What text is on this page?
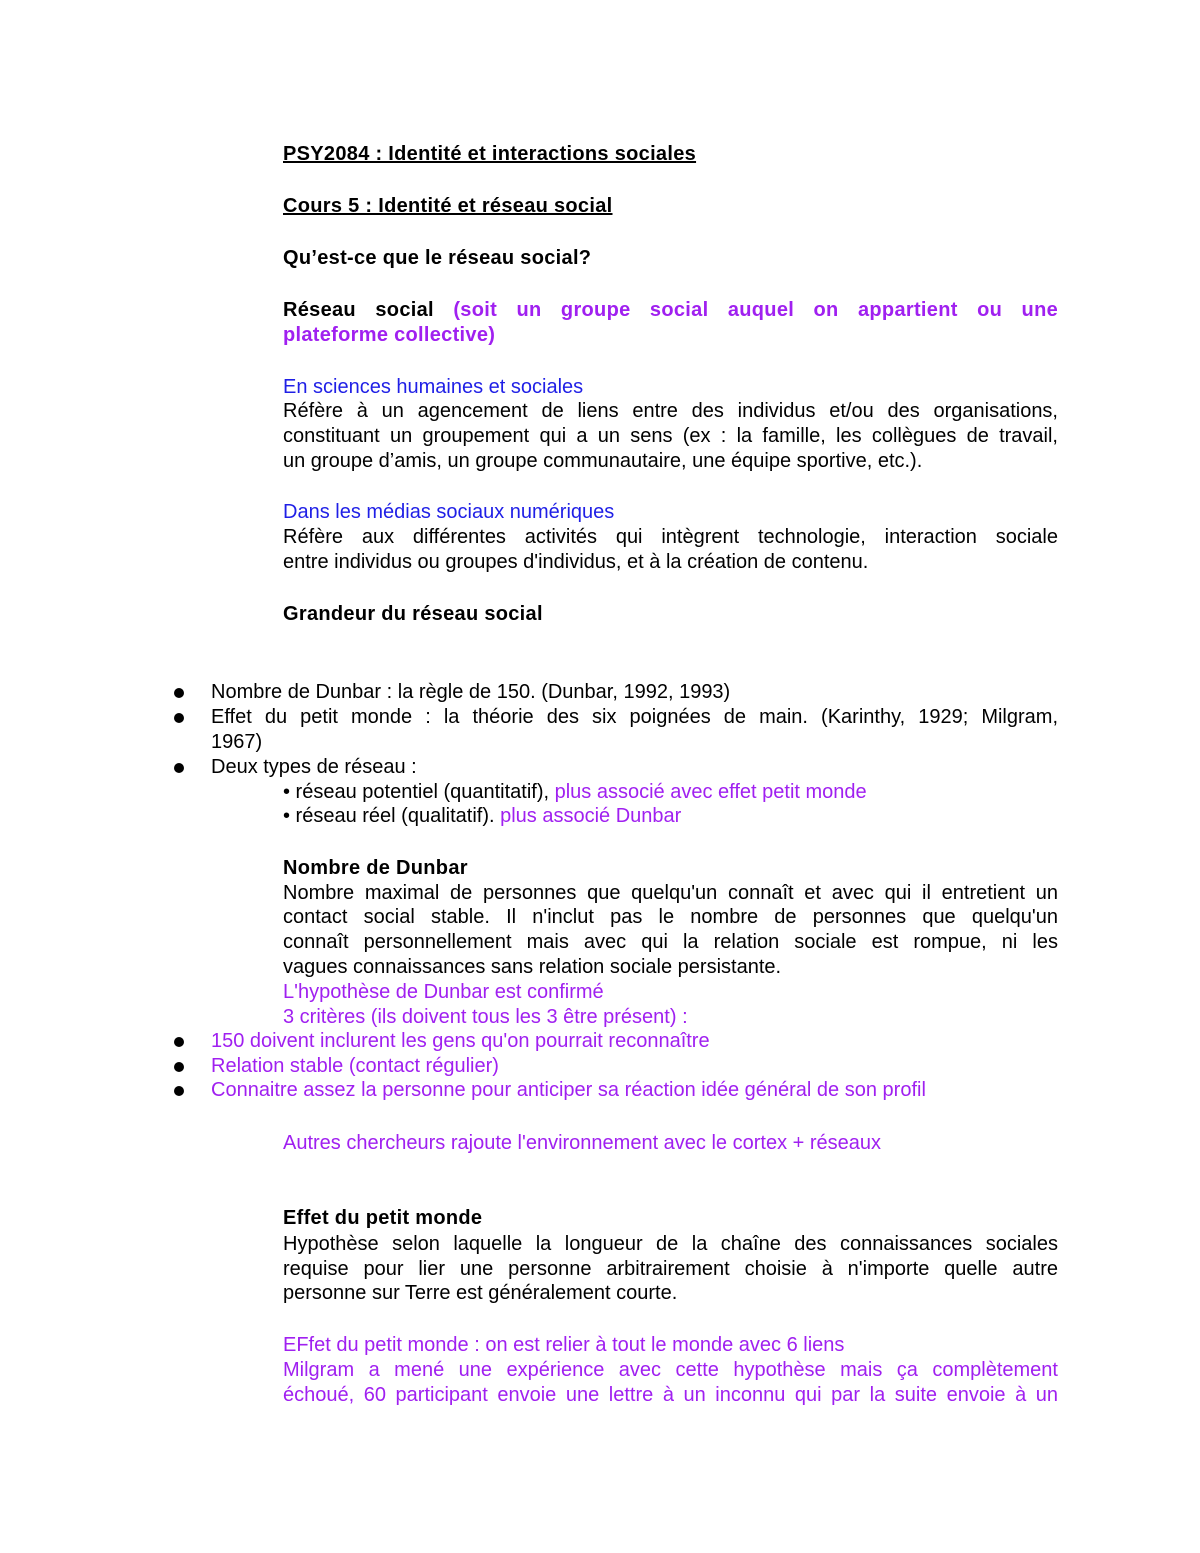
PSY2084 : Identité et interactions sociales
Cours 5 : Identité et réseau social
Qu’est-ce que le réseau social?
Réseau social (soit un groupe social auquel on appartient ou une
plateforme collective)
En sciences humaines et sociales
Réfère à un agencement de liens entre des individus et/ou des organisations,
constituant un groupement qui a un sens (ex : la famille, les collègues de travail,
un groupe d’amis, un groupe communautaire, une équipe sportive, etc.).
Dans les médias sociaux numériques
Réfère aux différentes activités qui intègrent technologie, interaction sociale
entre individus ou groupes d'individus, et à la création de contenu.
Grandeur du réseau social
Nombre de Dunbar : la règle de 150. (Dunbar, 1992, 1993)
Effet du petit monde : la théorie des six poignées de main. (Karinthy, 1929; Milgram,
1967)
Deux types de réseau :
• réseau potentiel (quantitatif), plus associé avec effet petit monde
• réseau réel (qualitatif). plus associé Dunbar
Nombre de Dunbar
Nombre maximal de personnes que quelqu'un connaît et avec qui il entretient un
contact social stable. Il n'inclut pas le nombre de personnes que quelqu'un
connaît personnellement mais avec qui la relation sociale est rompue, ni les
vagues connaissances sans relation sociale persistante.
L'hypothèse de Dunbar est confirmé
3 critères (ils doivent tous les 3 être présent) :
150 doivent inclurent les gens qu'on pourrait reconnaître
Relation stable (contact régulier)
Connaitre assez la personne pour anticiper sa réaction idée général de son profil
Autres chercheurs rajoute l'environnement avec le cortex + réseaux
Effet du petit monde
Hypothèse selon laquelle la longueur de la chaîne des connaissances sociales
requise pour lier une personne arbitrairement choisie à n'importe quelle autre
personne sur Terre est généralement courte.
EFfet du petit monde : on est relier à tout le monde avec 6 liens
Milgram a mené une expérience avec cette hypothèse mais ça complètement
échoué, 60 participant envoie une lettre à un inconnu qui par la suite envoie à un
